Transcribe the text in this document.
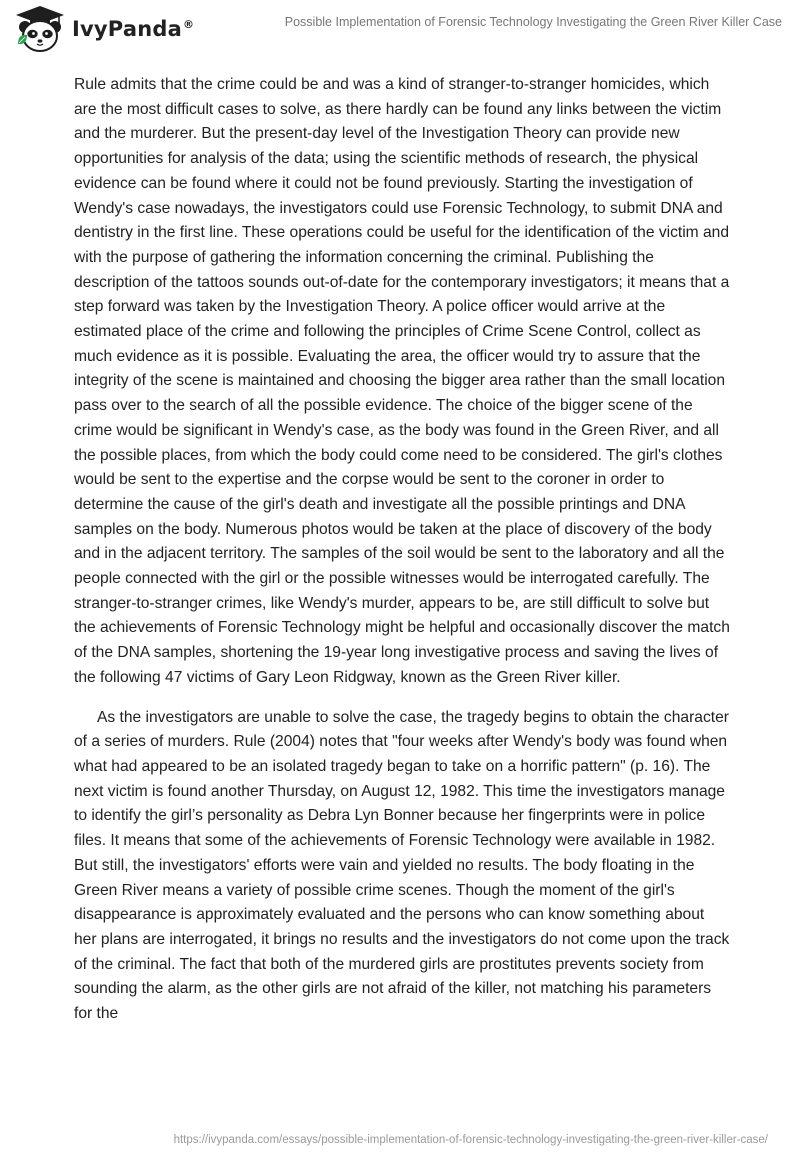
IvyPanda®	Possible Implementation of Forensic Technology Investigating the Green River Killer Case

Rule admits that the crime could be and was a kind of stranger-to-stranger homicides, which are the most difficult cases to solve, as there hardly can be found any links between the victim and the murderer. But the present-day level of the Investigation Theory can provide new opportunities for analysis of the data; using the scientific methods of research, the physical evidence can be found where it could not be found previously. Starting the investigation of Wendy's case nowadays, the investigators could use Forensic Technology, to submit DNA and dentistry in the first line. These operations could be useful for the identification of the victim and with the purpose of gathering the information concerning the criminal. Publishing the description of the tattoos sounds out-of-date for the contemporary investigators; it means that a step forward was taken by the Investigation Theory. A police officer would arrive at the estimated place of the crime and following the principles of Crime Scene Control, collect as much evidence as it is possible. Evaluating the area, the officer would try to assure that the integrity of the scene is maintained and choosing the bigger area rather than the small location pass over to the search of all the possible evidence. The choice of the bigger scene of the crime would be significant in Wendy's case, as the body was found in the Green River, and all the possible places, from which the body could come need to be considered. The girl's clothes would be sent to the expertise and the corpse would be sent to the coroner in order to determine the cause of the girl's death and investigate all the possible printings and DNA samples on the body. Numerous photos would be taken at the place of discovery of the body and in the adjacent territory. The samples of the soil would be sent to the laboratory and all the people connected with the girl or the possible witnesses would be interrogated carefully. The stranger-to-stranger crimes, like Wendy's murder, appears to be, are still difficult to solve but the achievements of Forensic Technology might be helpful and occasionally discover the match of the DNA samples, shortening the 19-year long investigative process and saving the lives of the following 47 victims of Gary Leon Ridgway, known as the Green River killer.

As the investigators are unable to solve the case, the tragedy begins to obtain the character of a series of murders. Rule (2004) notes that "four weeks after Wendy's body was found when what had appeared to be an isolated tragedy began to take on a horrific pattern" (p. 16). The next victim is found another Thursday, on August 12, 1982. This time the investigators manage to identify the girl’s personality as Debra Lyn Bonner because her fingerprints were in police files. It means that some of the achievements of Forensic Technology were available in 1982. But still, the investigators' efforts were vain and yielded no results. The body floating in the Green River means a variety of possible crime scenes. Though the moment of the girl's disappearance is approximately evaluated and the persons who can know something about her plans are interrogated, it brings no results and the investigators do not come upon the track of the criminal. The fact that both of the murdered girls are prostitutes prevents society from sounding the alarm, as the other girls are not afraid of the killer, not matching his parameters for the

https://ivypanda.com/essays/possible-implementation-of-forensic-technology-investigating-the-green-river-killer-case/
